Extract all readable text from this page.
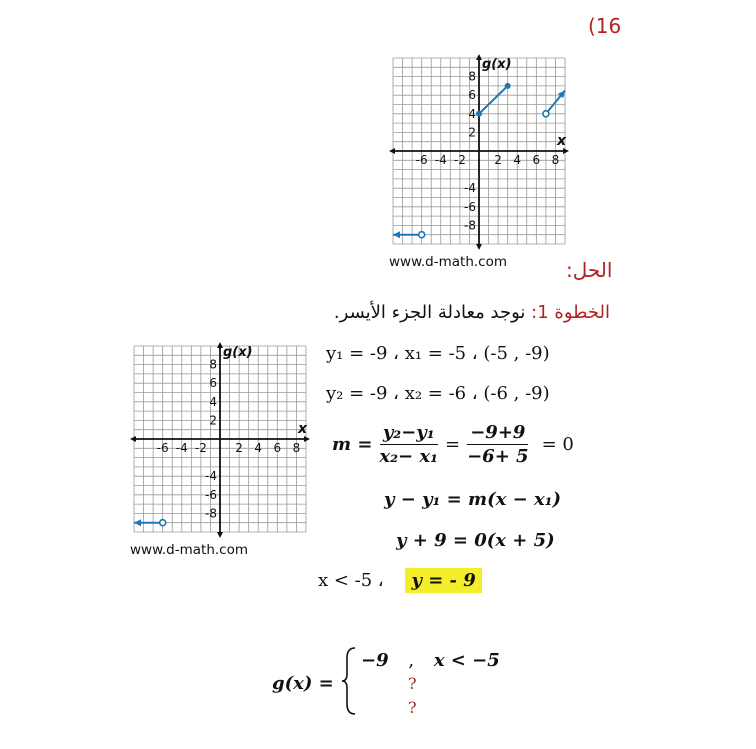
(16
-6 -4 -2 2 4 6 8
8
6
4
2
-4
-6
-8
g(x)
x
www.d-math.com	الحل:
الخطوة 1: نوجد معادلة الجزء الأيسر.
-6 -4 -2 2 4 6 8
8
6
4
2
-4
-6
-8
g(x)
x
www.d-math.com
y₁ = -9 ، x₁ = -5 ، (-5 , -9)
y₂ = -9 ، x₂ = -6 ، (-6 , -9)
$m = \frac{\text{y₂−y₁}}{\text{x₂− x₁}} = \frac{-9+9}{-6+ 5} = 0$
y − y₁ = m(x − x₁)
y + 9 = 0(x + 5)
x < -5 ، y = - 9
g(x) =
−9 , x < −5
?
?
